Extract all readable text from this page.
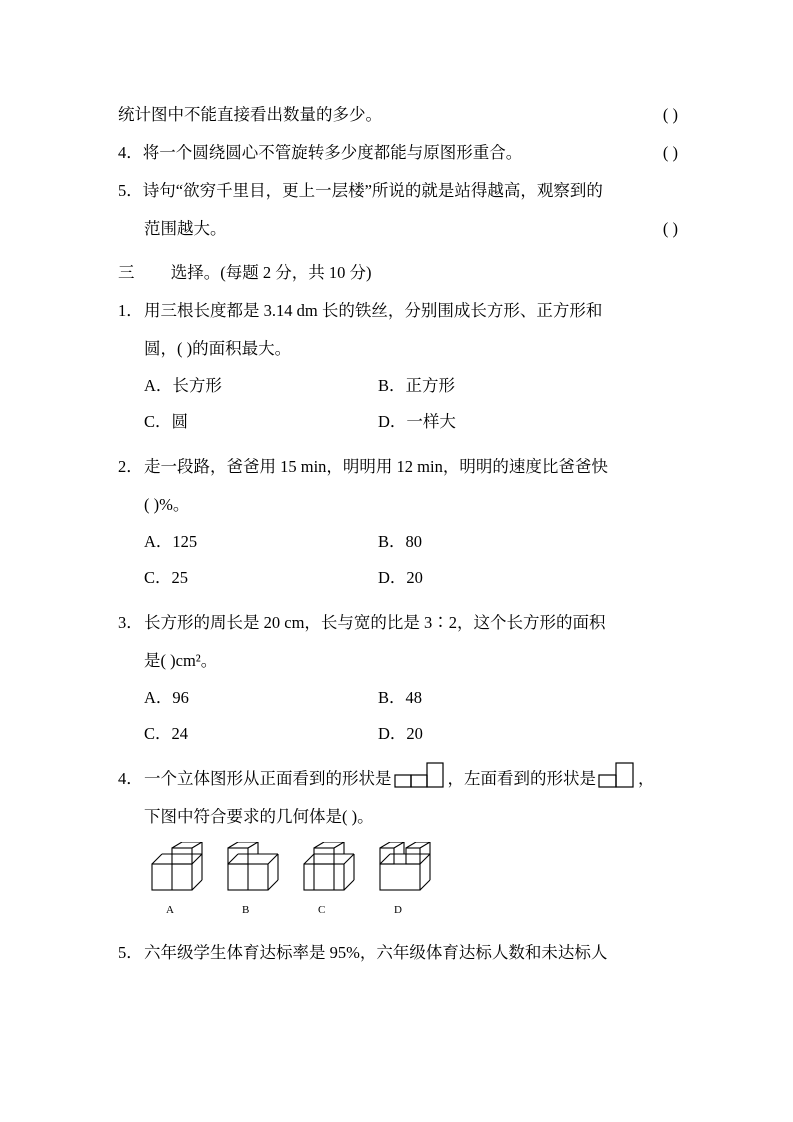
统计图中不能直接看出数量的多少。	( )
4．将一个圆绕圆心不管旋转多少度都能与原图形重合。	( )
5．诗句“欲穷千里目，更上一层楼”所说的就是站得越高，观察到的
范围越大。	( )
三 选择。(每题 2 分，共 10 分)
1．用三根长度都是 3.14 dm 长的铁丝，分别围成长方形、正方形和
圆，( )的面积最大。
A．长方形	B．正方形
C．圆	D．一样大
2．走一段路，爸爸用 15 min，明明用 12 min，明明的速度比爸爸快
( )%。
A．125	B．80
C．25	D．20
3．长方形的周长是 20 cm，长与宽的比是 3∶2，这个长方形的面积
是( )cm²。
A．96	B．48
C．24	D．20
4．一个立体图形从正面看到的形状是	，左面看到的形状是	，
下图中符合要求的几何体是( )。
A	B	C	D
5．六年级学生体育达标率是 95%，六年级体育达标人数和未达标人
